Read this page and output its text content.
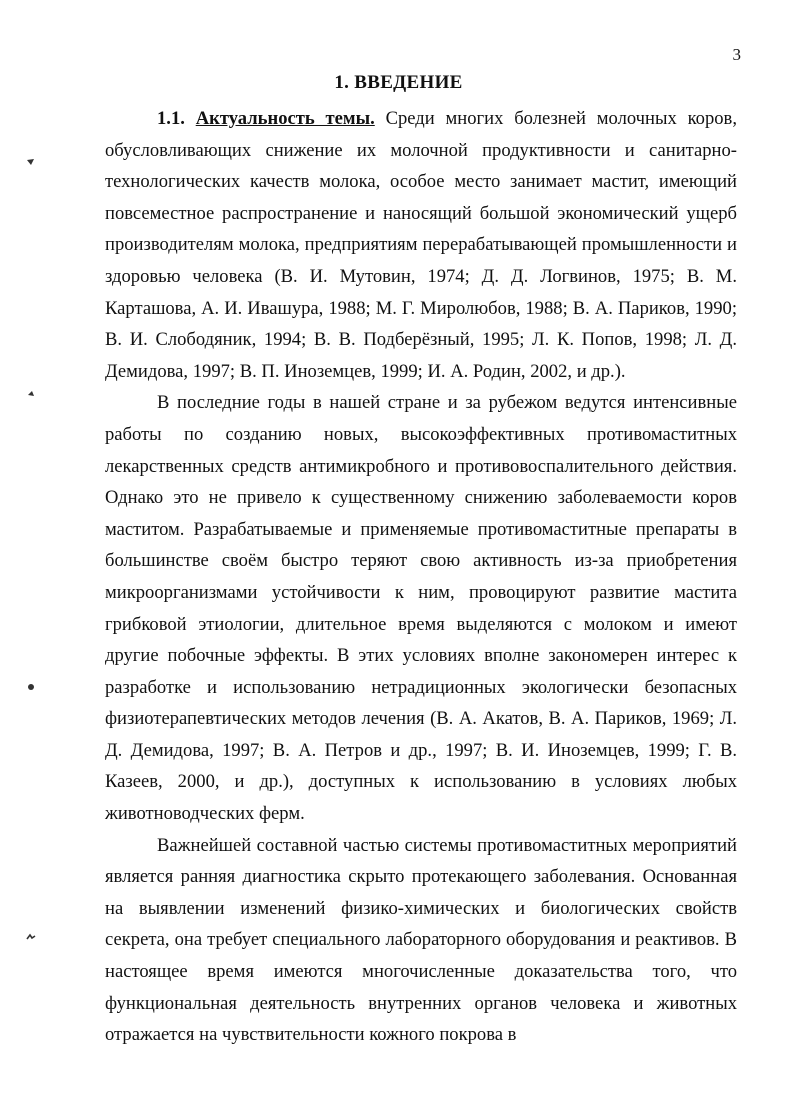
3
1. ВВЕДЕНИЕ

1.1. Актуальность темы. Среди многих болезней молочных коров, обусловливающих снижение их молочной продуктивности и санитарно-технологических качеств молока, особое место занимает мастит, имеющий повсеместное распространение и наносящий большой экономический ущерб производителям молока, предприятиям перерабатывающей промышленности и здоровью человека (В. И. Мутовин, 1974; Д. Д. Логвинов, 1975; В. М. Карташова, А. И. Ивашура, 1988; М. Г. Миролюбов, 1988; В. А. Париков, 1990; В. И. Слободяник, 1994; В. В. Подберёзный, 1995; Л. К. Попов, 1998; Л. Д. Демидова, 1997; В. П. Иноземцев, 1999; И. А. Родин, 2002, и др.).

В последние годы в нашей стране и за рубежом ведутся интенсивные работы по созданию новых, высокоэффективных противомаститных лекарственных средств антимикробного и противовоспалительного действия. Однако это не привело к существенному снижению заболеваемости коров маститом. Разрабатываемые и применяемые противомаститные препараты в большинстве своём быстро теряют свою активность из-за приобретения микроорганизмами устойчивости к ним, провоцируют развитие мастита грибковой этиологии, длительное время выделяются с молоком и имеют другие побочные эффекты. В этих условиях вполне закономерен интерес к разработке и использованию нетрадиционных экологически безопасных физиотерапевтических методов лечения (В. А. Акатов, В. А. Париков, 1969; Л. Д. Демидова, 1997; В. А. Петров и др., 1997; В. И. Иноземцев, 1999; Г. В. Казеев, 2000, и др.), доступных к использованию в условиях любых животноводческих ферм.

Важнейшей составной частью системы противомаститных мероприятий является ранняя диагностика скрыто протекающего заболевания. Основанная на выявлении изменений физико-химических и биологических свойств секрета, она требует специального лабораторного оборудования и реактивов. В настоящее время имеются многочисленные доказательства того, что функциональная деятельность внутренних органов человека и животных отражается на чувствительности кожного покрова в
